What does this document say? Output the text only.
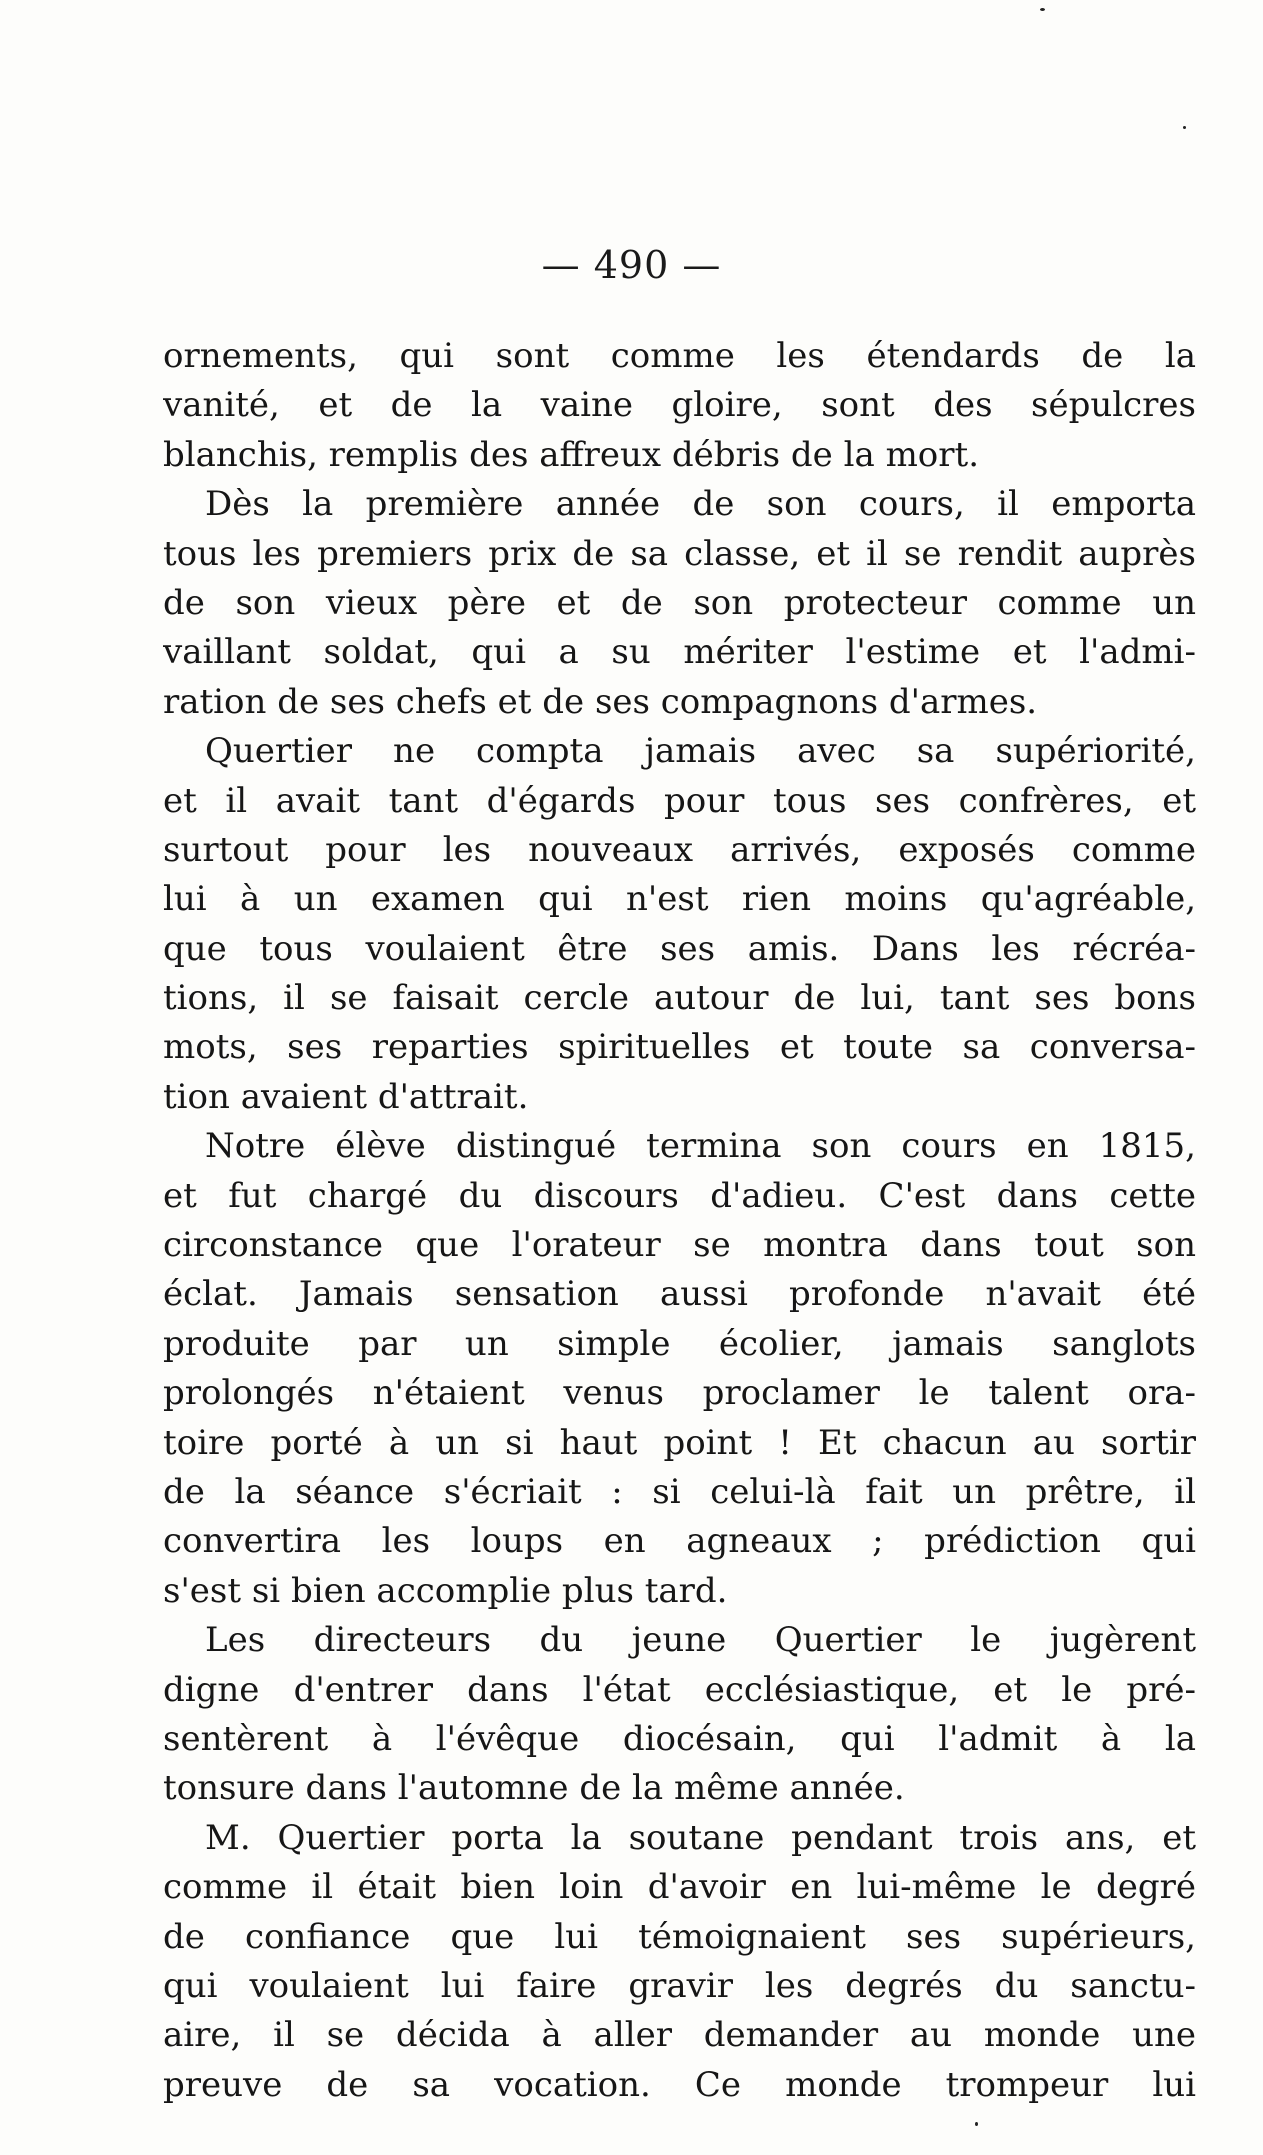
— 490 —
ornements, qui sont comme les étendards de la
vanité, et de la vaine gloire, sont des sépulcres
blanchis, remplis des affreux débris de la mort.
Dès la première année de son cours, il emporta
tous les premiers prix de sa classe, et il se rendit auprès
de son vieux père et de son protecteur comme un
vaillant soldat, qui a su mériter l'estime et l'admi-
ration de ses chefs et de ses compagnons d'armes.
Quertier ne compta jamais avec sa supériorité,
et il avait tant d'égards pour tous ses confrères, et
surtout pour les nouveaux arrivés, exposés comme
lui à un examen qui n'est rien moins qu'agréable,
que tous voulaient être ses amis. Dans les récréa-
tions, il se faisait cercle autour de lui, tant ses bons
mots, ses reparties spirituelles et toute sa conversa-
tion avaient d'attrait.
Notre élève distingué termina son cours en 1815,
et fut chargé du discours d'adieu. C'est dans cette
circonstance que l'orateur se montra dans tout son
éclat. Jamais sensation aussi profonde n'avait été
produite par un simple écolier, jamais sanglots
prolongés n'étaient venus proclamer le talent ora-
toire porté à un si haut point ! Et chacun au sortir
de la séance s'écriait : si celui-là fait un prêtre, il
convertira les loups en agneaux ; prédiction qui
s'est si bien accomplie plus tard.
Les directeurs du jeune Quertier le jugèrent
digne d'entrer dans l'état ecclésiastique, et le pré-
sentèrent à l'évêque diocésain, qui l'admit à la
tonsure dans l'automne de la même année.
M. Quertier porta la soutane pendant trois ans, et
comme il était bien loin d'avoir en lui-même le degré
de confiance que lui témoignaient ses supérieurs,
qui voulaient lui faire gravir les degrés du sanctu-
aire, il se décida à aller demander au monde une
preuve de sa vocation. Ce monde trompeur lui
